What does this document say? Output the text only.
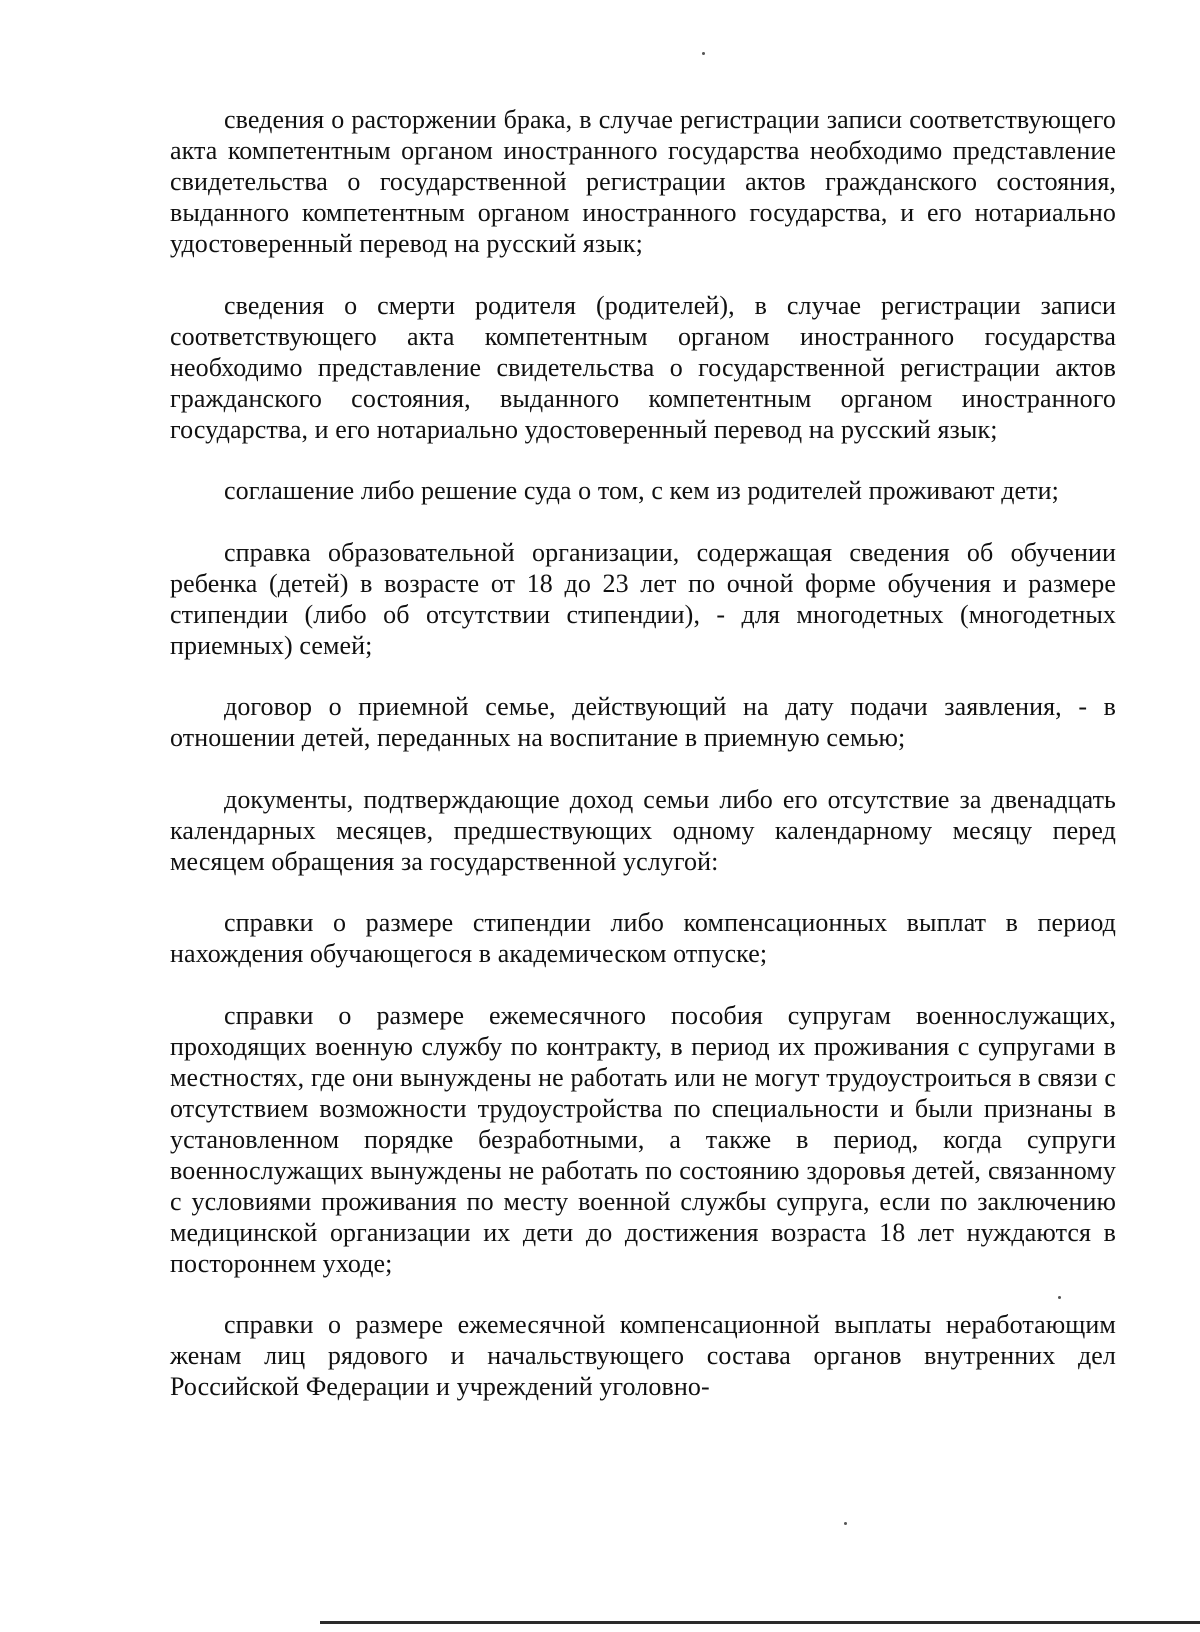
сведения о расторжении брака, в случае регистрации записи соответствующего акта компетентным органом иностранного государства необходимо представление свидетельства о государственной регистрации актов гражданского состояния, выданного компетентным органом иностранного государства, и его нотариально удостоверенный перевод на русский язык;

сведения о смерти родителя (родителей), в случае регистрации записи соответствующего акта компетентным органом иностранного государства необходимо представление свидетельства о государственной регистрации актов гражданского состояния, выданного компетентным органом иностранного государства, и его нотариально удостоверенный перевод на русский язык;

соглашение либо решение суда о том, с кем из родителей проживают дети;

справка образовательной организации, содержащая сведения об обучении ребенка (детей) в возрасте от 18 до 23 лет по очной форме обучения и размере стипендии (либо об отсутствии стипендии), - для многодетных (многодетных приемных) семей;

договор о приемной семье, действующий на дату подачи заявления, - в отношении детей, переданных на воспитание в приемную семью;

документы, подтверждающие доход семьи либо его отсутствие за двенадцать календарных месяцев, предшествующих одному календарному месяцу перед месяцем обращения за государственной услугой:

справки о размере стипендии либо компенсационных выплат в период нахождения обучающегося в академическом отпуске;

справки о размере ежемесячного пособия супругам военнослужащих, проходящих военную службу по контракту, в период их проживания с супругами в местностях, где они вынуждены не работать или не могут трудоустроиться в связи с отсутствием возможности трудоустройства по специальности и были признаны в установленном порядке безработными, а также в период, когда супруги военнослужащих вынуждены не работать по состоянию здоровья детей, связанному с условиями проживания по месту военной службы супруга, если по заключению медицинской организации их дети до достижения возраста 18 лет нуждаются в постороннем уходе;

справки о размере ежемесячной компенсационной выплаты неработающим женам лиц рядового и начальствующего состава органов внутренних дел Российской Федерации и учреждений уголовно-
